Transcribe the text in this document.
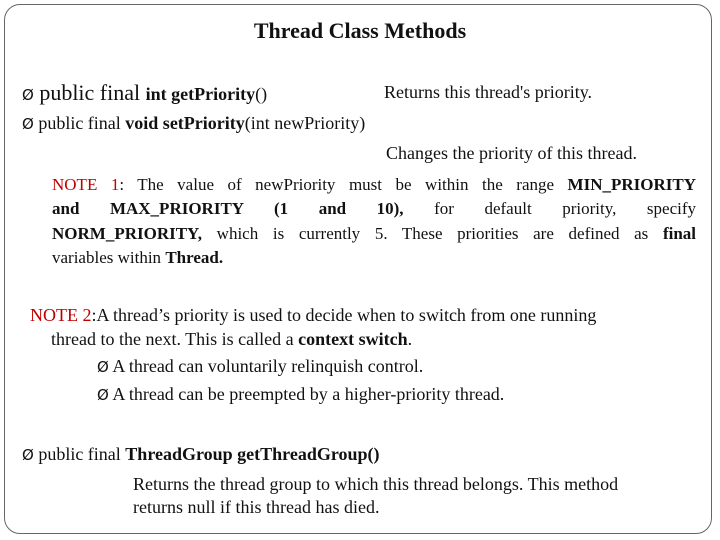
Thread Class Methods
Ø public final int getPriority()	Returns this thread's priority.
Ø public final void setPriority(int newPriority)
Changes the priority of this thread.
NOTE 1: The value of newPriority must be within the range MIN_PRIORITY
and MAX_PRIORITY (1 and 10), for default priority, specify
NORM_PRIORITY, which is currently 5. These priorities are defined as final
variables within Thread.
NOTE 2:A thread’s priority is used to decide when to switch from one running
thread to the next. This is called a context switch.
Ø A thread can voluntarily relinquish control.
Ø A thread can be preempted by a higher-priority thread.
Ø public final ThreadGroup getThreadGroup()
Returns the thread group to which this thread belongs. This method
returns null if this thread has died.
